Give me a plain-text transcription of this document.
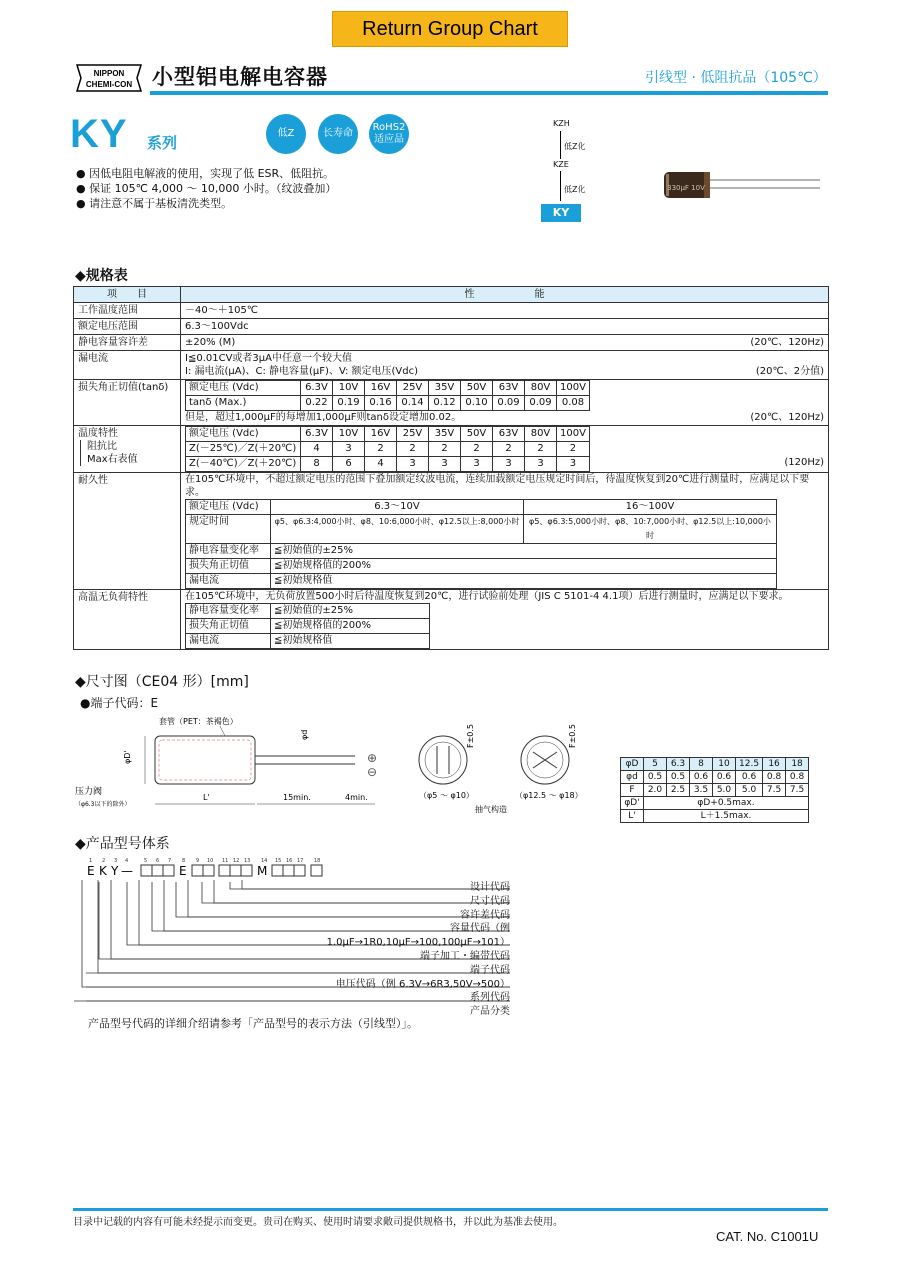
Return Group Chart
NIPPON
CHEMI-CON 小型铝电解电容器	引线型 · 低阻抗品（105℃）
KY 系列
低Z	长寿命
RoHS2 适应品
● 因低电阻电解液的使用，实现了低 ESR、低阻抗。
● 保证 105℃ 4,000 ～ 10,000 小时。（纹波叠加）
● 请注意不属于基板清洗类型。
KZH
低Z化
KZE
低Z化
KY
330μF 10V
◆规格表
项　　目	性　　　　　　能
工作温度范围	－40～＋105℃
额定电压范围	6.3～100Vdc
静电容量容许差	±20% (M)	(20℃、120Hz)

漏电流	I≦0.01CV或者3μA中任意一个较大值
I: 漏电流(μA)、C: 静电容量(μF)、V: 额定电压(Vdc)	(20℃、2分值)

损失角正切值(tanδ)	额定电压 (Vdc)	6.3V	10V	16V	25V	35V	50V	63V	80V	100V
tanδ (Max.)	0.22	0.19	0.16	0.14	0.12	0.10	0.09	0.09	0.08
但是，超过1,000μF的每增加1,000μF则tanδ设定增加0.02。	(20℃、120Hz)

温度特性
阻抗比
Max右表值

额定电压 (Vdc)	6.3V	10V	16V	25V	35V	50V	63V	80V	100V
Z(－25℃)／Z(＋20℃)	4	3	2	2	2	2	2	2	2
Z(－40℃)／Z(＋20℃)	8	6	4	3	3	3	3	3	3	(120Hz)

耐久性	在105℃环境中，不超过额定电压的范围下叠加额定纹波电流，连续加载额定电压规定时间后，待温度恢复到20℃进行测量时，应满足以下要求。
额定电压 (Vdc)	6.3～10V	16～100V
规定时间	φ5、φ6.3:4,000小时、φ8、10:6,000小时、φ12.5以上:8,000小时	φ5、φ6.3:5,000小时、φ8、10:7,000小时、φ12.5以上:10,000小时
静电容量变化率	≦初始值的±25%
损失角正切值	≦初始规格值的200%
漏电流	≦初始规格值

高温无负荷特性	在105℃环境中，无负荷放置500小时后待温度恢复到20℃，进行试验前处理（JIS C 5101-4 4.1项）后进行测量时，应满足以下要求。
静电容量变化率	≦初始值的±25%
损失角正切值	≦初始规格值的200%
漏电流	≦初始规格值
◆尺寸图（CE04 形）[mm]
●端子代码：E
套管（PET：茶褐色）
φD'
φd
压力阀
（φ6.3以下的除外）
L'	15min.	4min.
⊕
⊖
F±0.5
（φ5 ～ φ10）
F±0.5
（φ12.5 ～ φ18）
抽气构造
φD	5	6.3	8	10	12.5	16	18
φd	0.5	0.5	0.6	0.6	0.6	0.8	0.8
F	2.0	2.5	3.5	5.0	5.0	7.5	7.5
φD'	φD+0.5max.						
L'	L＋1.5max.						
◆产品型号体系
1 2 3 4	5 6 7 8 9 10 11 12 13 14 15 16 17 18
E K Y —	E	M
设计代码
尺寸代码
容许差代码
容量代码（例 1.0μF→1R0,10μF→100,100μF→101）
端子加工・编带代码
端子代码
电压代码（例 6.3V→6R3,50V→500）
系列代码
产品分类
产品型号代码的详细介绍请参考「产品型号的表示方法（引线型）」。
目录中记载的内容有可能未经提示而变更。贵司在购买、使用时请要求敞司提供规格书，并以此为基准去使用。
CAT. No. C1001U
